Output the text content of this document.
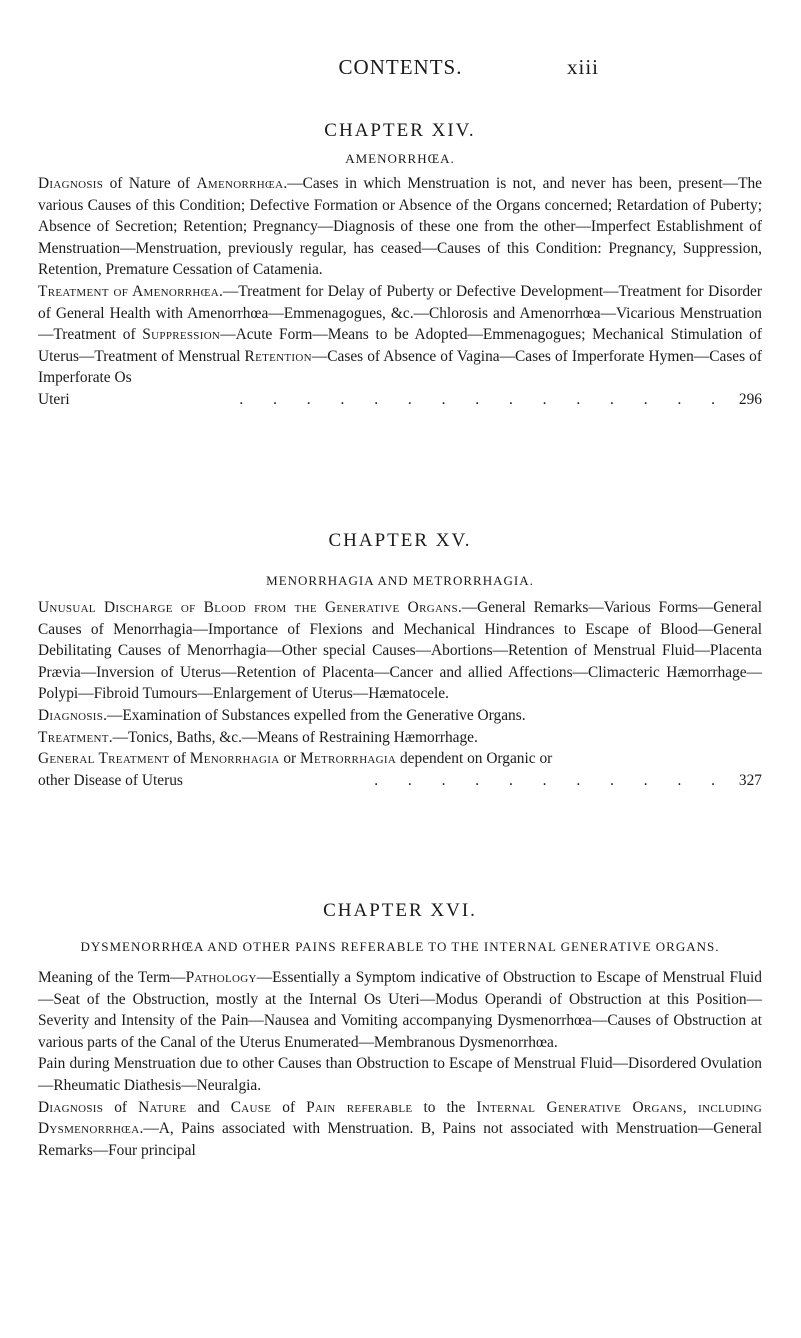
CONTENTS.	xiii

CHAPTER XIV.

AMENORRHŒA.

Diagnosis of Nature of Amenorrhœa.—Cases in which Menstruation is not, and never has been, present—The various Causes of this Condition; Defective Formation or Absence of the Organs concerned; Retardation of Puberty; Absence of Secretion; Retention; Pregnancy—Diagnosis of these one from the other—Imperfect Establishment of Menstruation—Menstruation, previously regular, has ceased—Causes of this Condition: Pregnancy, Suppression, Retention, Premature Cessation of Catamenia.

Treatment of Amenorrhœa.—Treatment for Delay of Puberty or Defective Development—Treatment for Disorder of General Health with Amenorrhœa—Emmenagogues, &c.—Chlorosis and Amenorrhœa—Vicarious Menstruation—Treatment of Suppression—Acute Form—Means to be Adopted—Emmenagogues; Mechanical Stimulation of Uterus—Treatment of Menstrual Retention—Cases of Absence of Vagina—Cases of Imperforate Hymen—Cases of Imperforate Os

Uteri	. . . . . . . . . . . . . . . 296

CHAPTER XV.

MENORRHAGIA AND METRORRHAGIA.

Unusual Discharge of Blood from the Generative Organs.—General Remarks—Various Forms—General Causes of Menorrhagia—Importance of Flexions and Mechanical Hindrances to Escape of Blood—General Debilitating Causes of Menorrhagia—Other special Causes—Abortions—Retention of Menstrual Fluid—Placenta Prævia—Inversion of Uterus—Retention of Placenta—Cancer and allied Affections—Climacteric Hæmorrhage—Polypi—Fibroid Tumours—Enlargement of Uterus—Hæmatocele.

Diagnosis.—Examination of Substances expelled from the Generative Organs.

Treatment.—Tonics, Baths, &c.—Means of Restraining Hæmorrhage.

General Treatment of Menorrhagia or Metrorrhagia dependent on Organic or

other Disease of Uterus	. . . . . . . . . . . 327

CHAPTER XVI.

DYSMENORRHŒA AND OTHER PAINS REFERABLE TO THE INTERNAL GENERATIVE ORGANS.

Meaning of the Term—Pathology—Essentially a Symptom indicative of Obstruction to Escape of Menstrual Fluid—Seat of the Obstruction, mostly at the Internal Os Uteri—Modus Operandi of Obstruction at this Position—Severity and Intensity of the Pain—Nausea and Vomiting accompanying Dysmenorrhœa—Causes of Obstruction at various parts of the Canal of the Uterus Enumerated—Membranous Dysmenorrhœa.

Pain during Menstruation due to other Causes than Obstruction to Escape of Menstrual Fluid—Disordered Ovulation—Rheumatic Diathesis—Neuralgia.

Diagnosis of Nature and Cause of Pain referable to the Internal Generative Organs, including Dysmenorrhœa.—A, Pains associated with Menstruation. B, Pains not associated with Menstruation—General Remarks—Four principal
